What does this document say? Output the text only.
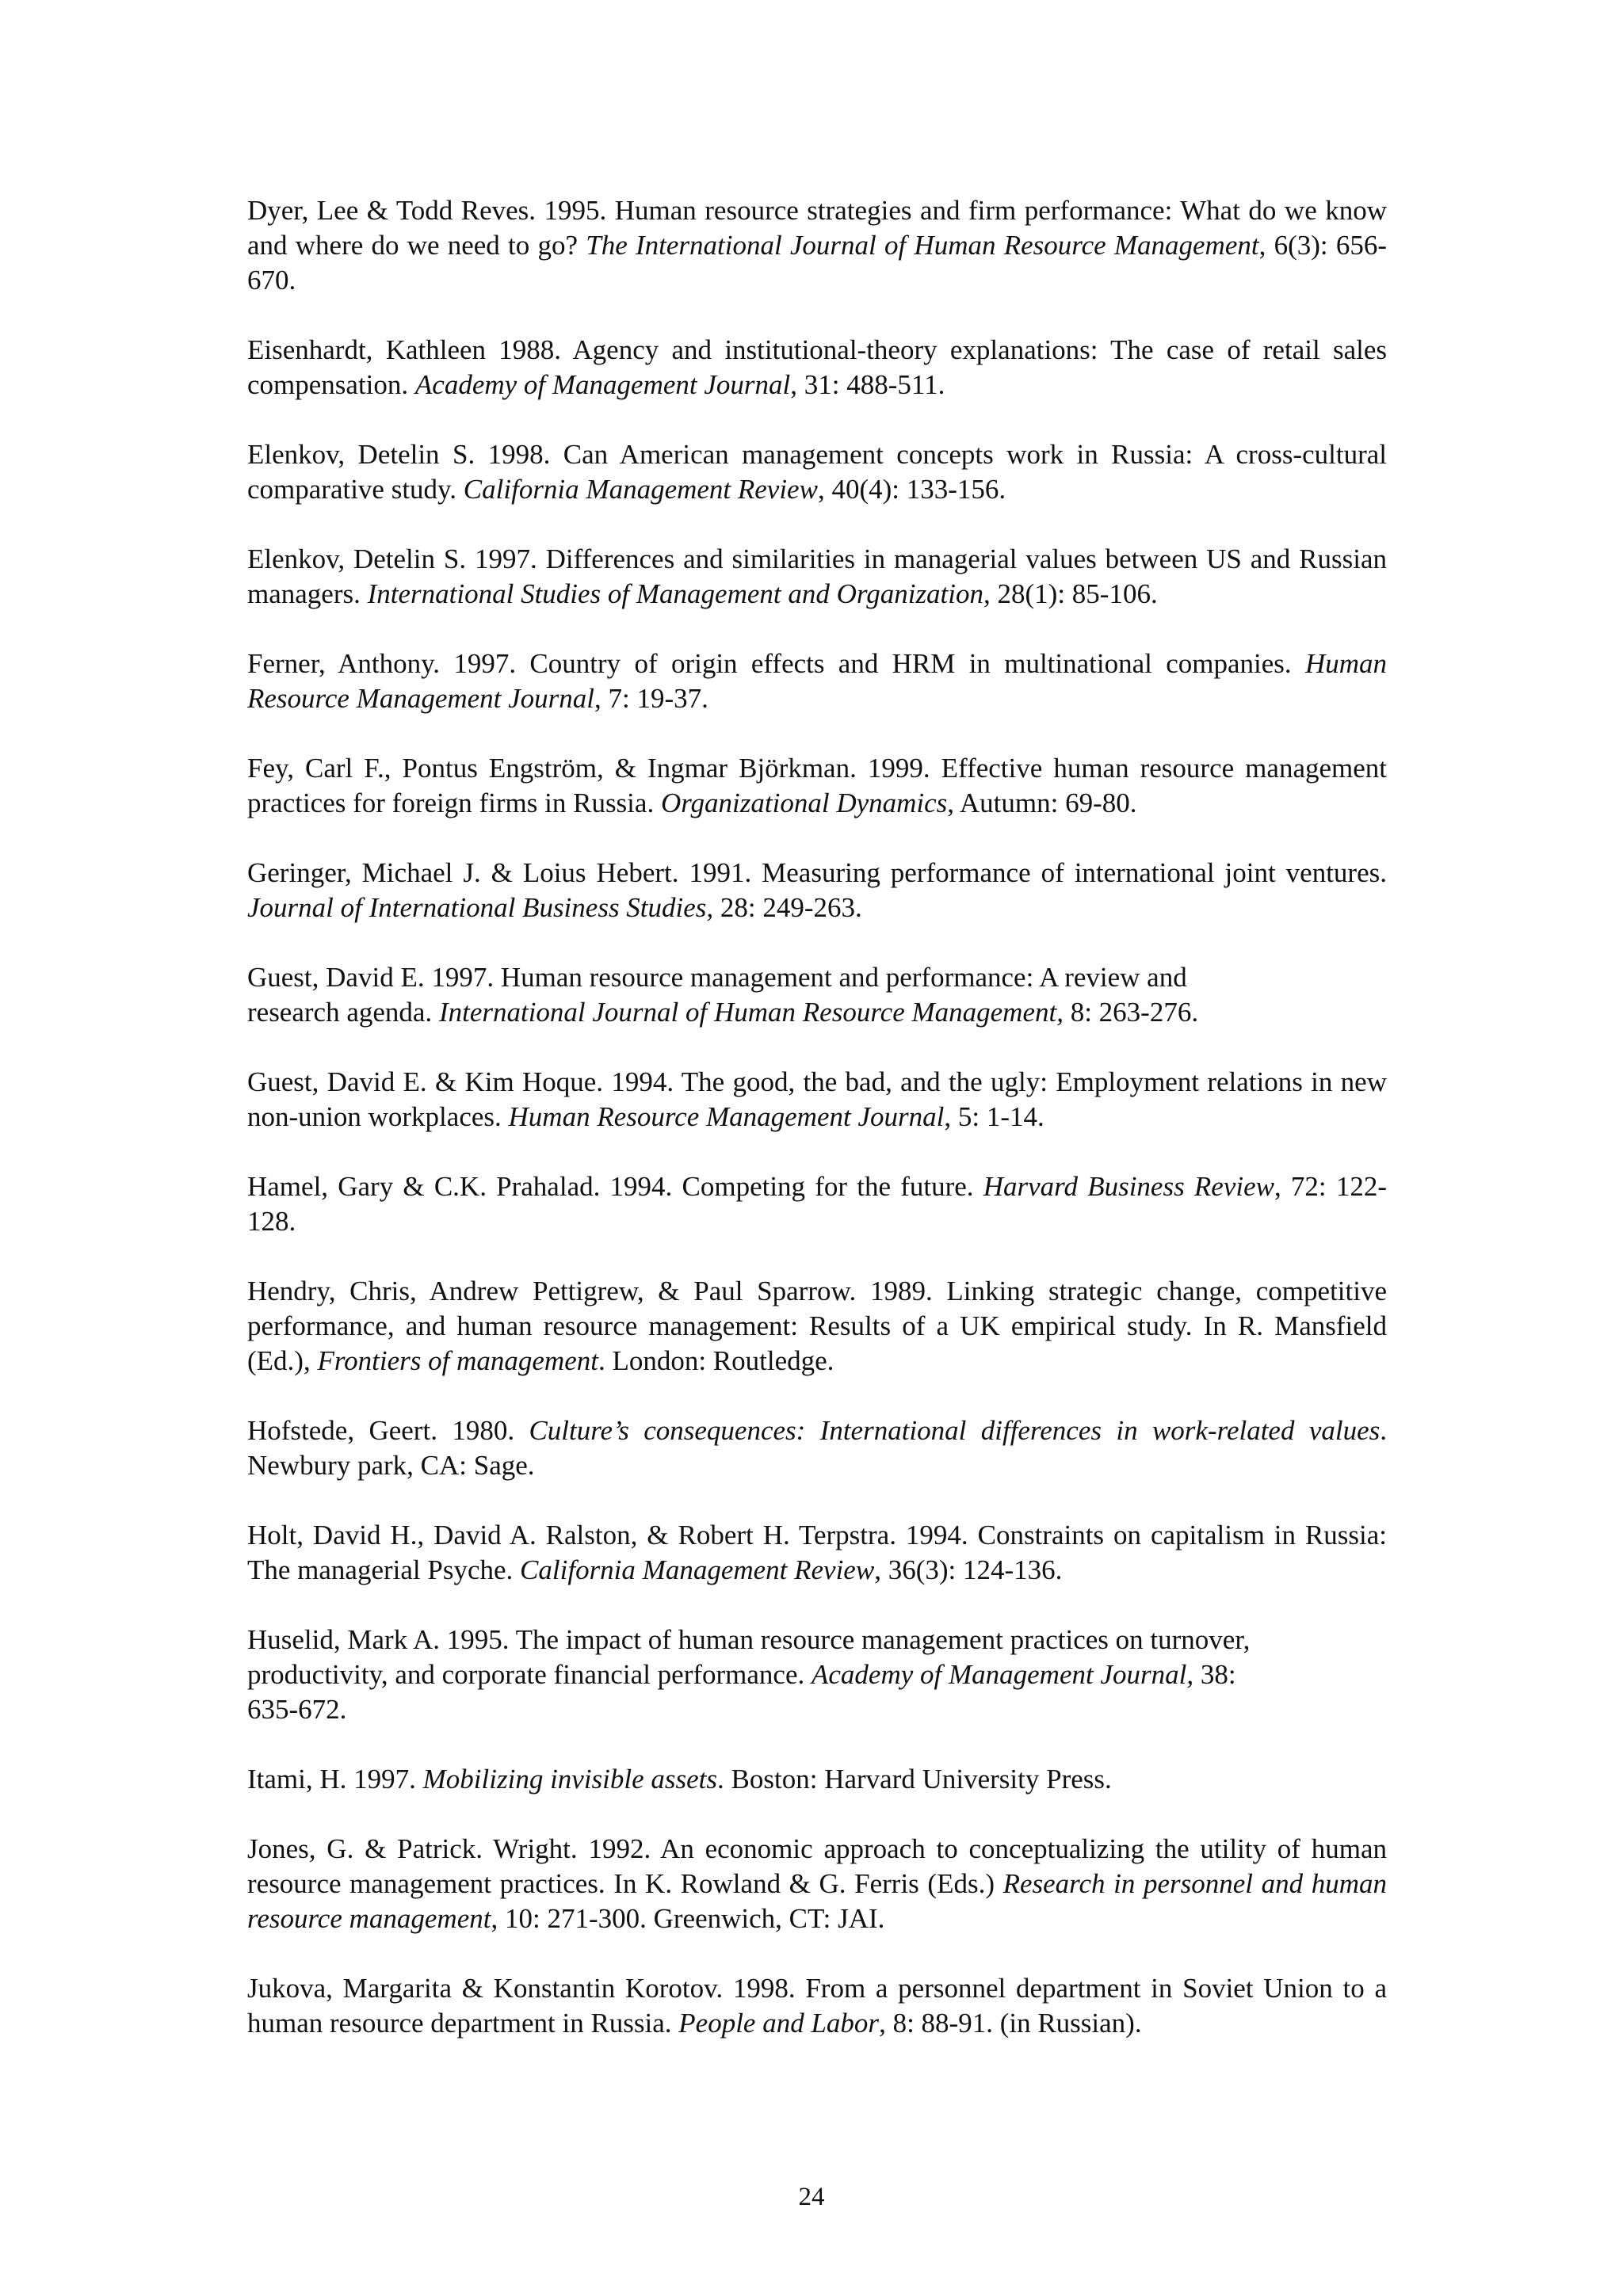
Dyer, Lee & Todd Reves. 1995. Human resource strategies and firm performance: What do we know and where do we need to go? The International Journal of Human Resource Management, 6(3): 656-670.

Eisenhardt, Kathleen 1988. Agency and institutional-theory explanations: The case of retail sales compensation. Academy of Management Journal, 31: 488-511.

Elenkov, Detelin S. 1998. Can American management concepts work in Russia: A cross-cultural comparative study. California Management Review, 40(4): 133-156.

Elenkov, Detelin S. 1997. Differences and similarities in managerial values between US and Russian managers. International Studies of Management and Organization, 28(1): 85-106.

Ferner, Anthony. 1997. Country of origin effects and HRM in multinational companies. Human Resource Management Journal, 7: 19-37.

Fey, Carl F., Pontus Engström, & Ingmar Björkman. 1999. Effective human resource management practices for foreign firms in Russia. Organizational Dynamics, Autumn: 69-80.

Geringer, Michael J. & Loius Hebert. 1991. Measuring performance of international joint ventures. Journal of International Business Studies, 28: 249-263.

Guest, David E. 1997. Human resource management and performance: A review and research agenda. International Journal of Human Resource Management, 8: 263-276.

Guest, David E. & Kim Hoque. 1994. The good, the bad, and the ugly: Employment relations in new non-union workplaces. Human Resource Management Journal, 5: 1-14.

Hamel, Gary & C.K. Prahalad. 1994. Competing for the future. Harvard Business Review, 72: 122-128.

Hendry, Chris, Andrew Pettigrew, & Paul Sparrow. 1989. Linking strategic change, competitive performance, and human resource management: Results of a UK empirical study. In R. Mansfield (Ed.), Frontiers of management. London: Routledge.

Hofstede, Geert. 1980. Culture’s consequences: International differences in work-related values. Newbury park, CA: Sage.

Holt, David H., David A. Ralston, & Robert H. Terpstra. 1994. Constraints on capitalism in Russia: The managerial Psyche. California Management Review, 36(3): 124-136.

Huselid, Mark A. 1995. The impact of human resource management practices on turnover, productivity, and corporate financial performance. Academy of Management Journal, 38: 635-672.

Itami, H. 1997. Mobilizing invisible assets. Boston: Harvard University Press.

Jones, G. & Patrick. Wright. 1992. An economic approach to conceptualizing the utility of human resource management practices. In K. Rowland & G. Ferris (Eds.) Research in personnel and human resource management, 10: 271-300. Greenwich, CT: JAI.

Jukova, Margarita & Konstantin Korotov. 1998. From a personnel department in Soviet Union to a human resource department in Russia. People and Labor, 8: 88-91. (in Russian).

24
